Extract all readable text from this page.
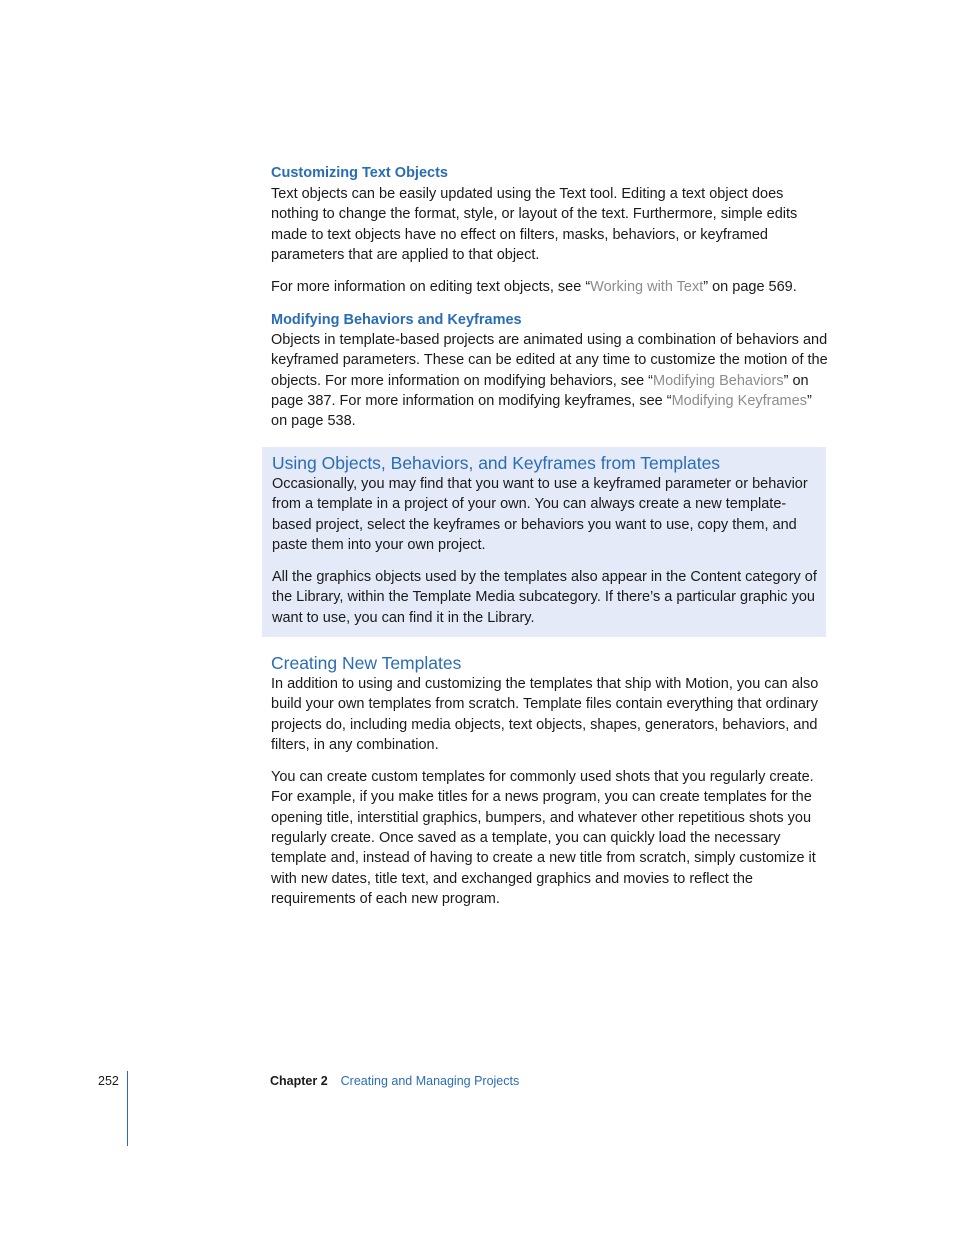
Customizing Text Objects

Text objects can be easily updated using the Text tool. Editing a text object does nothing to change the format, style, or layout of the text. Furthermore, simple edits made to text objects have no effect on filters, masks, behaviors, or keyframed parameters that are applied to that object.

For more information on editing text objects, see “Working with Text” on page 569.

Modifying Behaviors and Keyframes

Objects in template-based projects are animated using a combination of behaviors and keyframed parameters. These can be edited at any time to customize the motion of the objects. For more information on modifying behaviors, see “Modifying Behaviors” on page 387. For more information on modifying keyframes, see “Modifying Keyframes” on page 538.

Using Objects, Behaviors, and Keyframes from Templates

Occasionally, you may find that you want to use a keyframed parameter or behavior from a template in a project of your own. You can always create a new template-based project, select the keyframes or behaviors you want to use, copy them, and paste them into your own project.

All the graphics objects used by the templates also appear in the Content category of the Library, within the Template Media subcategory. If there’s a particular graphic you want to use, you can find it in the Library.

Creating New Templates

In addition to using and customizing the templates that ship with Motion, you can also build your own templates from scratch. Template files contain everything that ordinary projects do, including media objects, text objects, shapes, generators, behaviors, and filters, in any combination.

You can create custom templates for commonly used shots that you regularly create. For example, if you make titles for a news program, you can create templates for the opening title, interstitial graphics, bumpers, and whatever other repetitious shots you regularly create. Once saved as a template, you can quickly load the necessary template and, instead of having to create a new title from scratch, simply customize it with new dates, title text, and exchanged graphics and movies to reflect the requirements of each new program.

252	Chapter 2 Creating and Managing Projects
